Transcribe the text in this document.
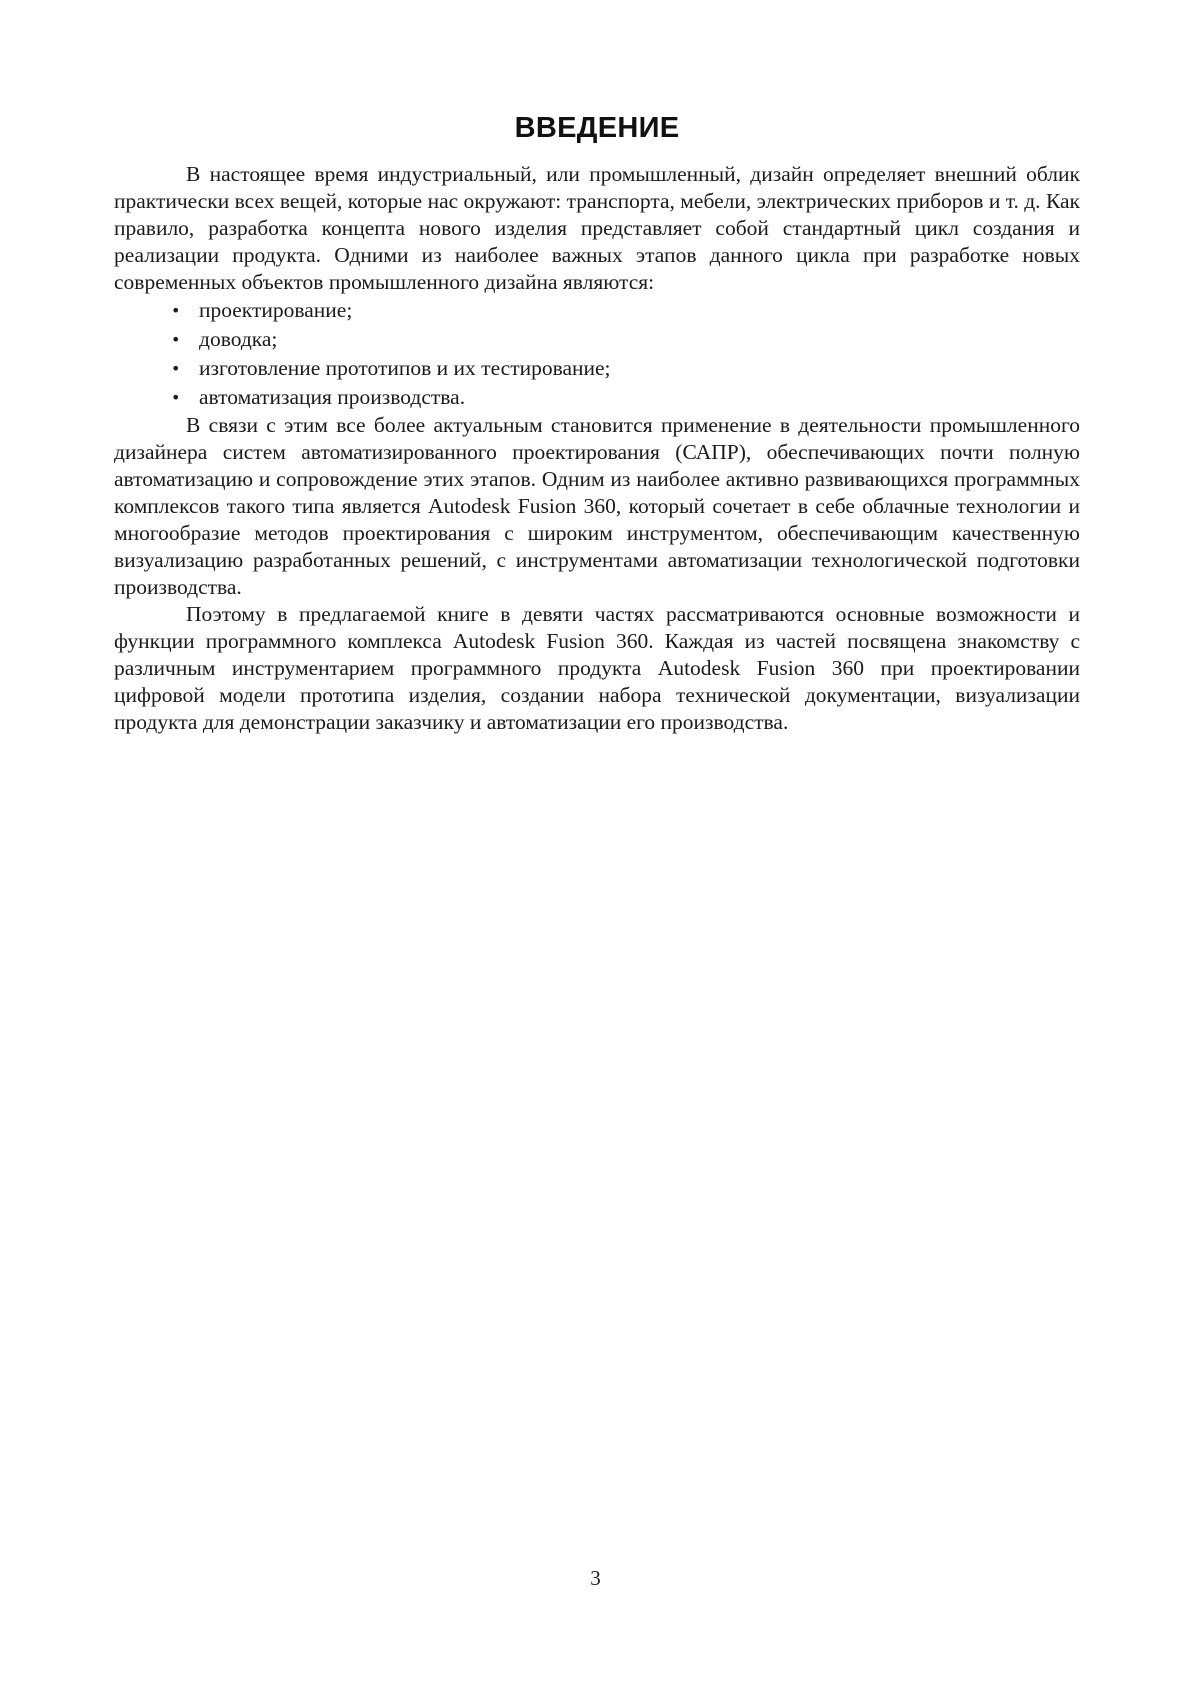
ВВЕДЕНИЕ

В настоящее время индустриальный, или промышленный, дизайн определяет внешний облик практически всех вещей, которые нас окружают: транспорта, мебели, электрических приборов и т. д. Как правило, разработка концепта нового изделия представляет собой стандартный цикл создания и реализации продукта. Одними из наиболее важных этапов данного цикла при разработке новых современных объектов промышленного дизайна являются:

• проектирование;
• доводка;
• изготовление прототипов и их тестирование;
• автоматизация производства.

В связи с этим все более актуальным становится применение в деятельности промышленного дизайнера систем автоматизированного проектирования (САПР), обеспечивающих почти полную автоматизацию и сопровождение этих этапов. Одним из наиболее активно развивающихся программных комплексов такого типа является Autodesk Fusion 360, который сочетает в себе облачные технологии и многообразие методов проектирования с широким инструментом, обеспечивающим качественную визуализацию разработанных решений, с инструментами автоматизации технологической подготовки производства.

Поэтому в предлагаемой книге в девяти частях рассматриваются основные возможности и функции программного комплекса Autodesk Fusion 360. Каждая из частей посвящена знакомству с различным инструментарием программного продукта Autodesk Fusion 360 при проектировании цифровой модели прототипа изделия, создании набора технической документации, визуализации продукта для демонстрации заказчику и автоматизации его производства.

3
